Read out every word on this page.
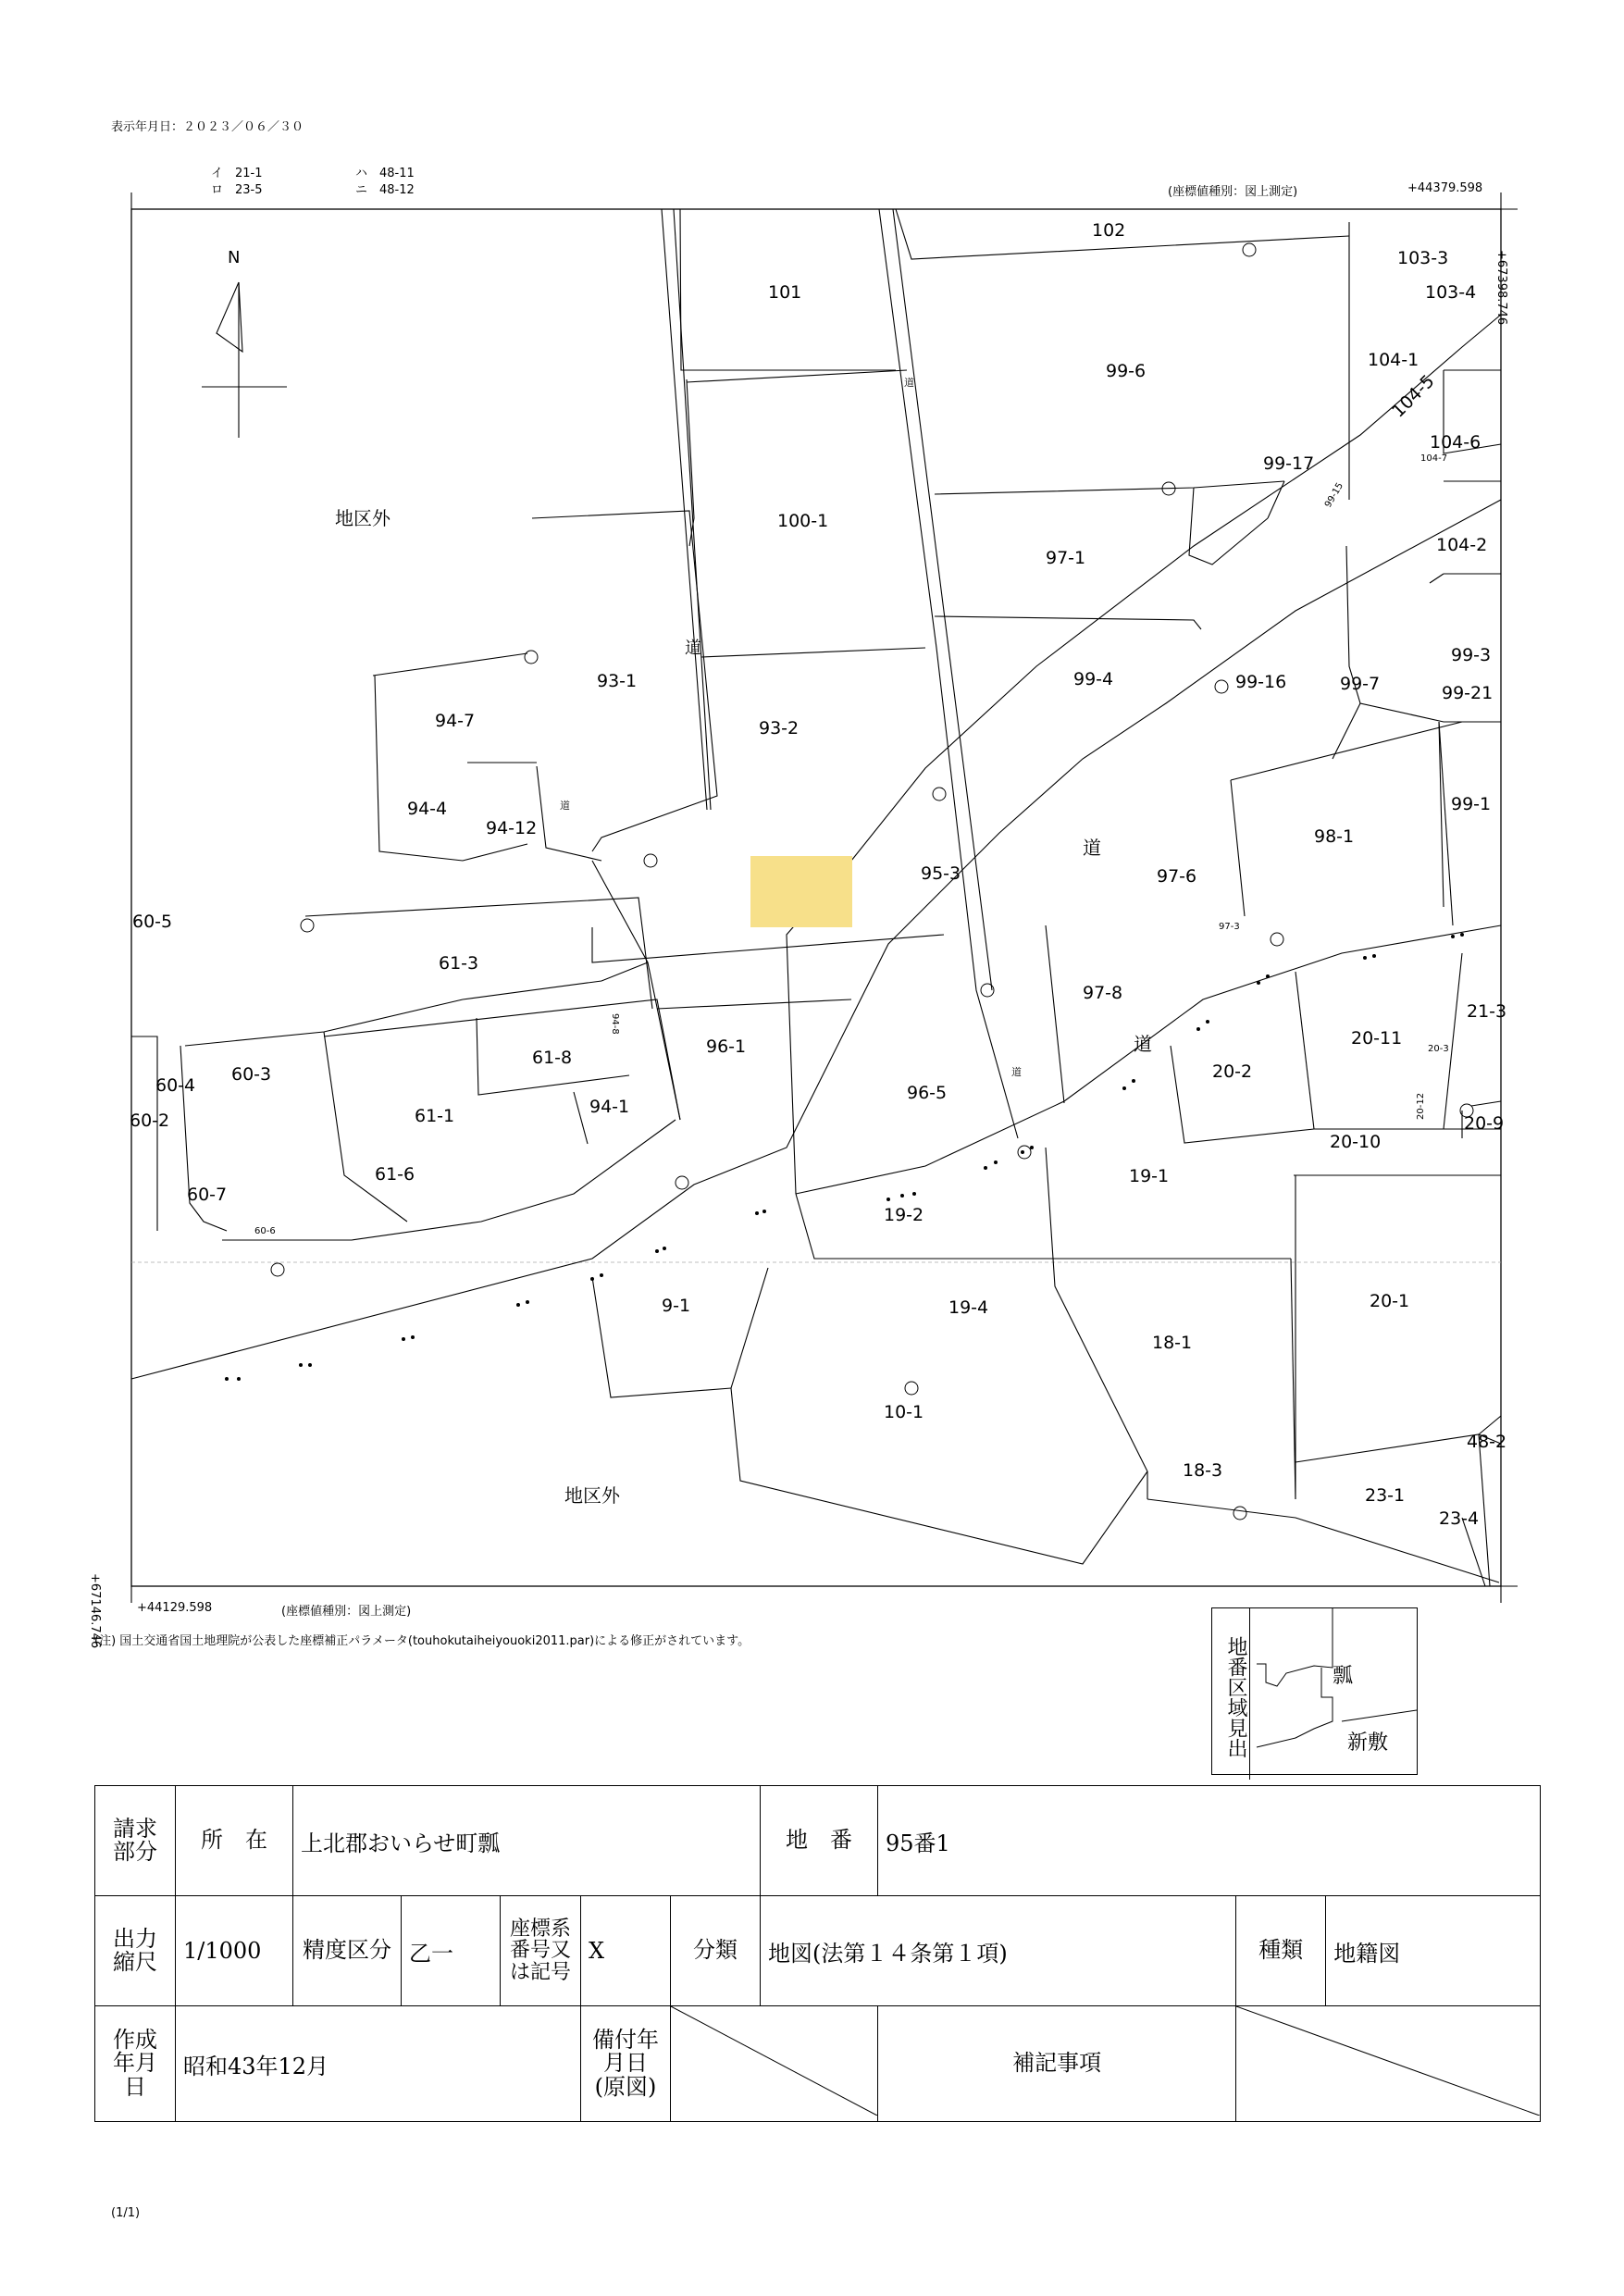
表示年月日：２０２３／０６／３０
イ　21-1
ロ　23-5
ハ　48-11
ニ　48-12	(座標値種別：図上測定)	+44379.598
+67398.746
+44129.598	(座標値種別：図上測定)
+67146.746
(注) 国土交通省国土地理院が公表した座標補正パラメータ(touhokutaiheiyouoki2011.par)による修正がされています。
N
地区外
地区外
道
道
道
道
道
道
102
103-3
103-4
101
99-6
104-1
104-5
104-6
104-7
99-17
99-15
100-1
97-1
104-2
93-1
94-7	93-2
99-4	99-16	99-7
99-3
99-21
99-1
94-4
94-12
95-3	97-6
98-1
60-5
61-3
97-3
97-8
20-11
21-3
61-8
96-1
60-3
61-1	94-1
94-8
96-5
20-2
20-3
20-12
60-4
60-2
20-10
20-9
61-6
60-7
60-6
19-1
19-2
9-1	19-4	20-1
18-1
10-1
18-3
48-2
23-1
23-4
地番区域見出	瓢
新敷
請求部分	所　在	上北郡おいらせ町瓢					地　番	95番1		
出力縮尺	1/1000	精度区分	乙一	座標系番号又は記号	X	分類	地図(法第１４条第１項)		種類	地籍図
作成年月日	昭和43年12月				備付年月日(原図)			補記事項	
(1/1)
